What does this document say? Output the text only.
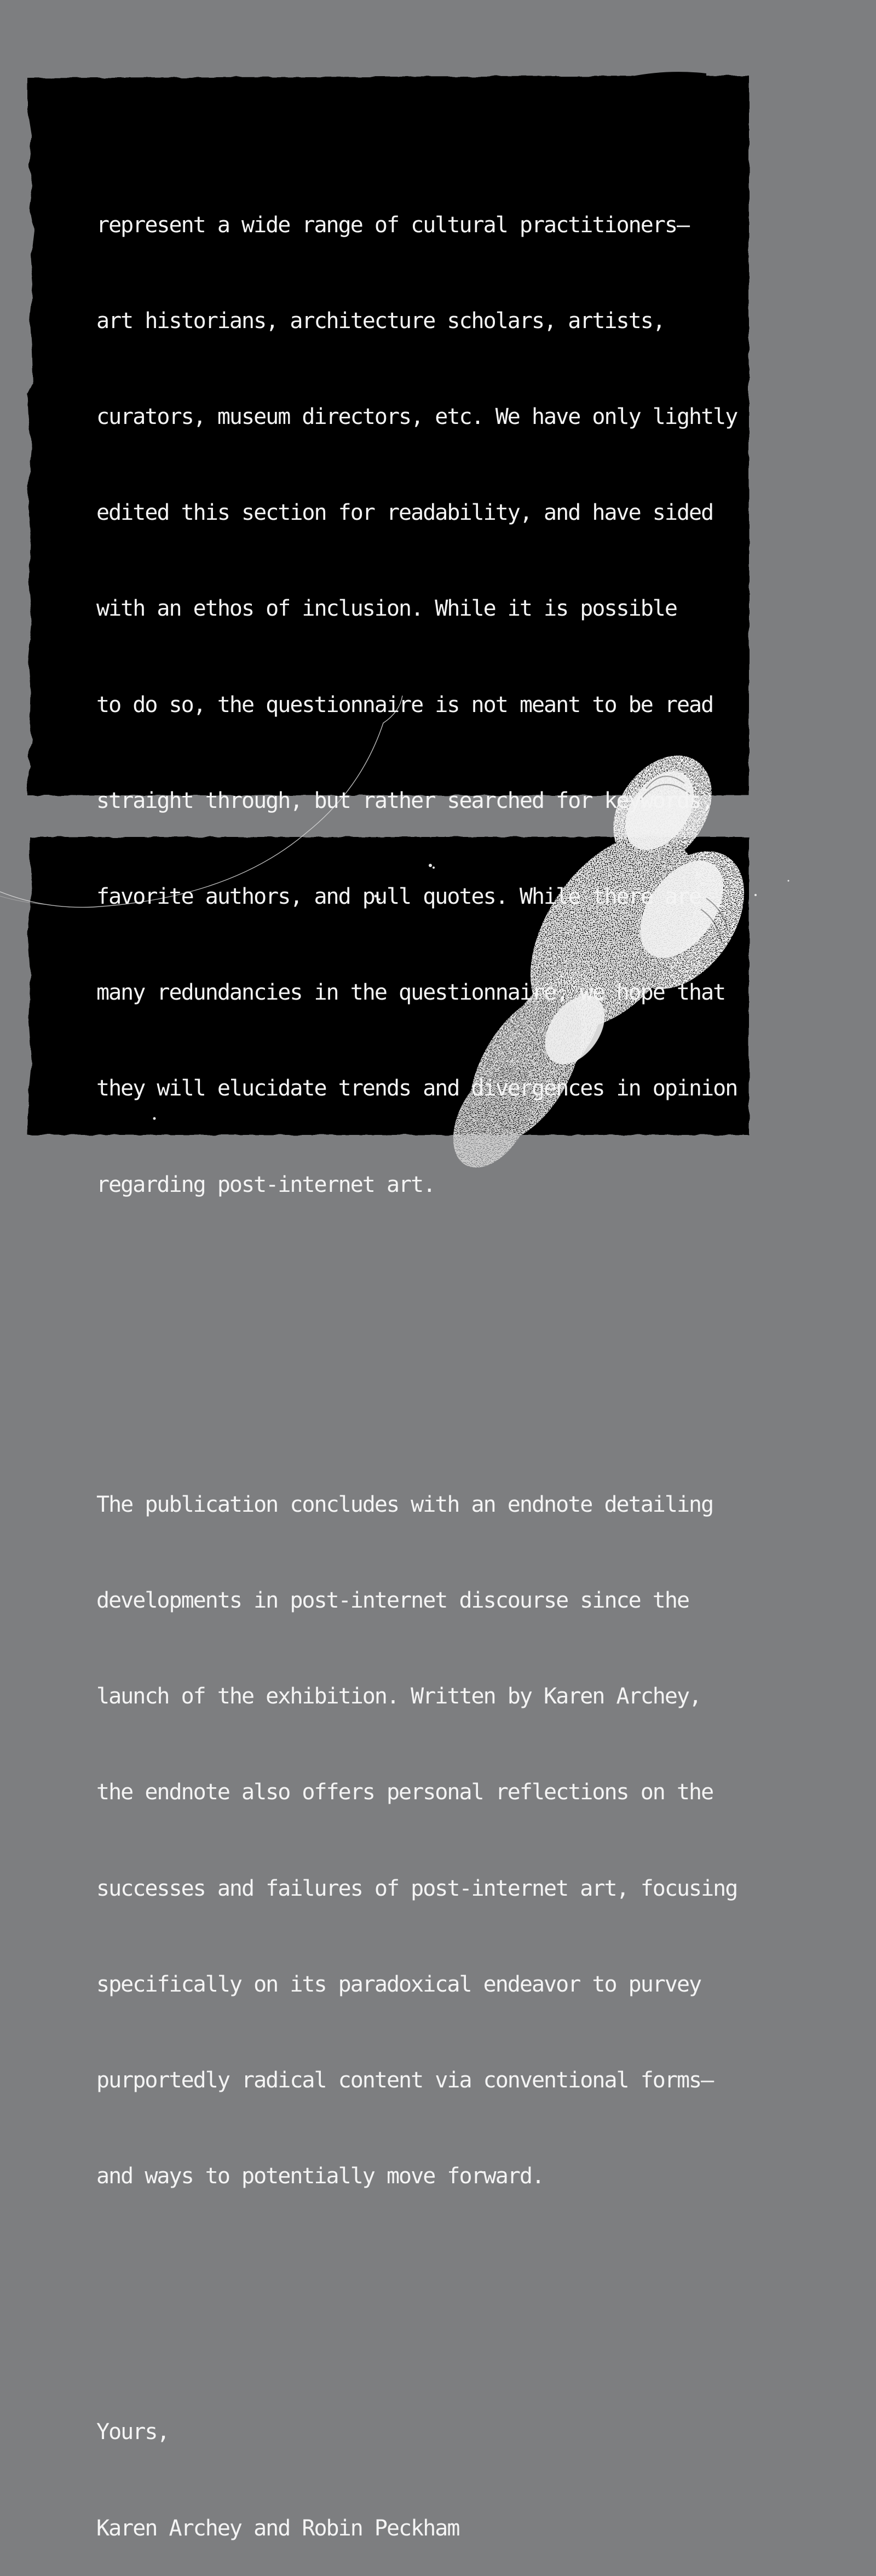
represent a wide range of cultural practitioners–

art historians, architecture scholars, artists,

curators, museum directors, etc. We have only lightly

edited this section for readability, and have sided

with an ethos of inclusion. While it is possible

to do so, the questionnaire is not meant to be read

straight through, but rather searched for keywords,

favorite authors, and pull quotes. While there are

many redundancies in the questionnaire, we hope that

they will elucidate trends and divergences in opinion

regarding post-internet art.

The publication concludes with an endnote detailing

developments in post-internet discourse since the

launch of the exhibition. Written by Karen Archey,

the endnote also offers personal reflections on the

successes and failures of post-internet art, focusing

specifically on its paradoxical endeavor to purvey

purportedly radical content via conventional forms–

and ways to potentially move forward.

Yours,

Karen Archey and Robin Peckham
